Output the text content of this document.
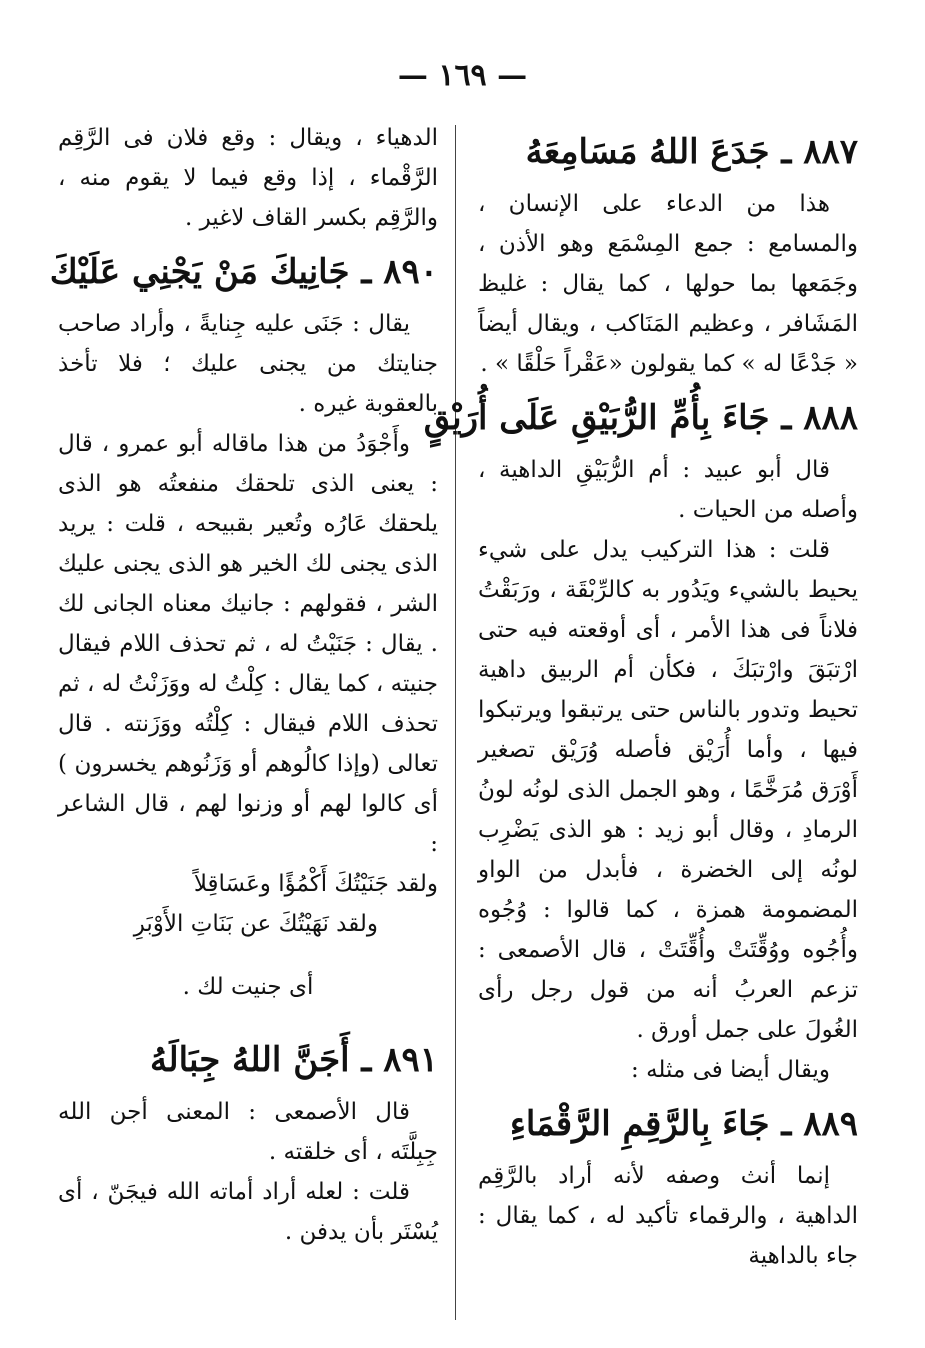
— ١٦٩ —
٨٨٧ ـ جَدَعَ اللهُ مَسَامِعَهُ

هذا من الدعاء على الإنسان ، والمسامع : جمع المِسْمَع وهو الأذن ، وجَمَعها بما حولها ، كما يقال : غليظ المَشَافر ، وعظيم المَنَاكب ، ويقال أيضاً « جَدْعًا له » كما يقولون «عَقْراً حَلْقًا » .

٨٨٨ ـ جَاءَ بِأُمِّ الرُّبَيْقِ عَلَى أُرَيْقٍ

قال أبو عبيد : أم الرُّبَيْقِ الداهية ، وأصله من الحيات .

قلت : هذا التركيب يدل على شيء يحيط بالشيء ويَدُور به كالرِّبْقَة ، ورَبَقْتُ فلاناً فى هذا الأمر ، أى أوقعته فيه حتى ارْتبَقَ وارْتبَكَ ، فكأن أم الربيق داهية تحيط وتدور بالناس حتى يرتبقوا ويرتبكوا فيها ، وأما أُرَيْق فأصله وُرَيْق تصغير أَوْرَق مُرَخَّمًا ، وهو الجمل الذى لونُه لونُ الرمادِ ، وقال أبو زيد : هو الذى يَضْرِب لونُه إلى الخضرة ، فأبدل من الواو المضمومة همزة ، كما قالوا : وُجُوه وأُجُوه ووُقِّتَتْ وأُقِّتَتْ ، قال الأصمعى : تزعم العربُ أنه من قول رجل رأى الغُولَ على جمل أورق .

ويقال أيضا فى مثله :

٨٨٩ ـ جَاءَ بِالرَّقِمِ الرَّقْمَاءِ

إنما أنث وصفه لأنه أراد بالرَّقِم الداهية ، والرقماء تأكيد له ، كما يقال : جاء بالداهية

الدهياء ، ويقال : وقع فلان فى الرَّقِم الرَّقْماء ، إذا وقع فيما لا يقوم منه ، والرَّقِم بكسر القاف لاغير .

٨٩٠ ـ جَانِيكَ مَنْ يَجْنِي عَلَيْكَ

يقال : جَنَى عليه جِنايةً ، وأراد صاحب جنايتك من يجنى عليك ؛ فلا تأخذ بالعقوبة غيره .

وأَجْوَدُ من هذا ماقاله أبو عمرو ، قال : يعنى الذى تلحقك منفعتُه هو الذى يلحقك عَارُه وتُعير بقبيحه ، قلت : يريد الذى يجنى لك الخير هو الذى يجنى عليك الشر ، فقولهم : جانيك معناه الجانى لك . يقال : جَنَيْتُ له ، ثم تحذف اللام فيقال جنيته ، كما يقال : كِلْتُ له ووَزَنْتُ له ، ثم تحذف اللام فيقال : كِلْتُه ووَزَنته . قال تعالى (وإذا كالُوهم أو وَزَنُوهم يخسرون ) أى كالوا لهم أو وزنوا لهم ، قال الشاعر :

ولقد جَنَيْتُكَ أَكْمُؤًا وعَسَاقِلاً

ولقد نَهَيْتُكَ عن بَنَاتِ الأَوْبَرِ

أى جنيت لك .

٨٩١ ـ أَجَنَّ اللهُ جِبَالَهُ

قال الأصمعى : المعنى أجن الله جِبِلَّتَه ، أى خلقته .

قلت : لعله أراد أماته الله فيجَنّ ، أى يُسْتَر بأن يدفن .
